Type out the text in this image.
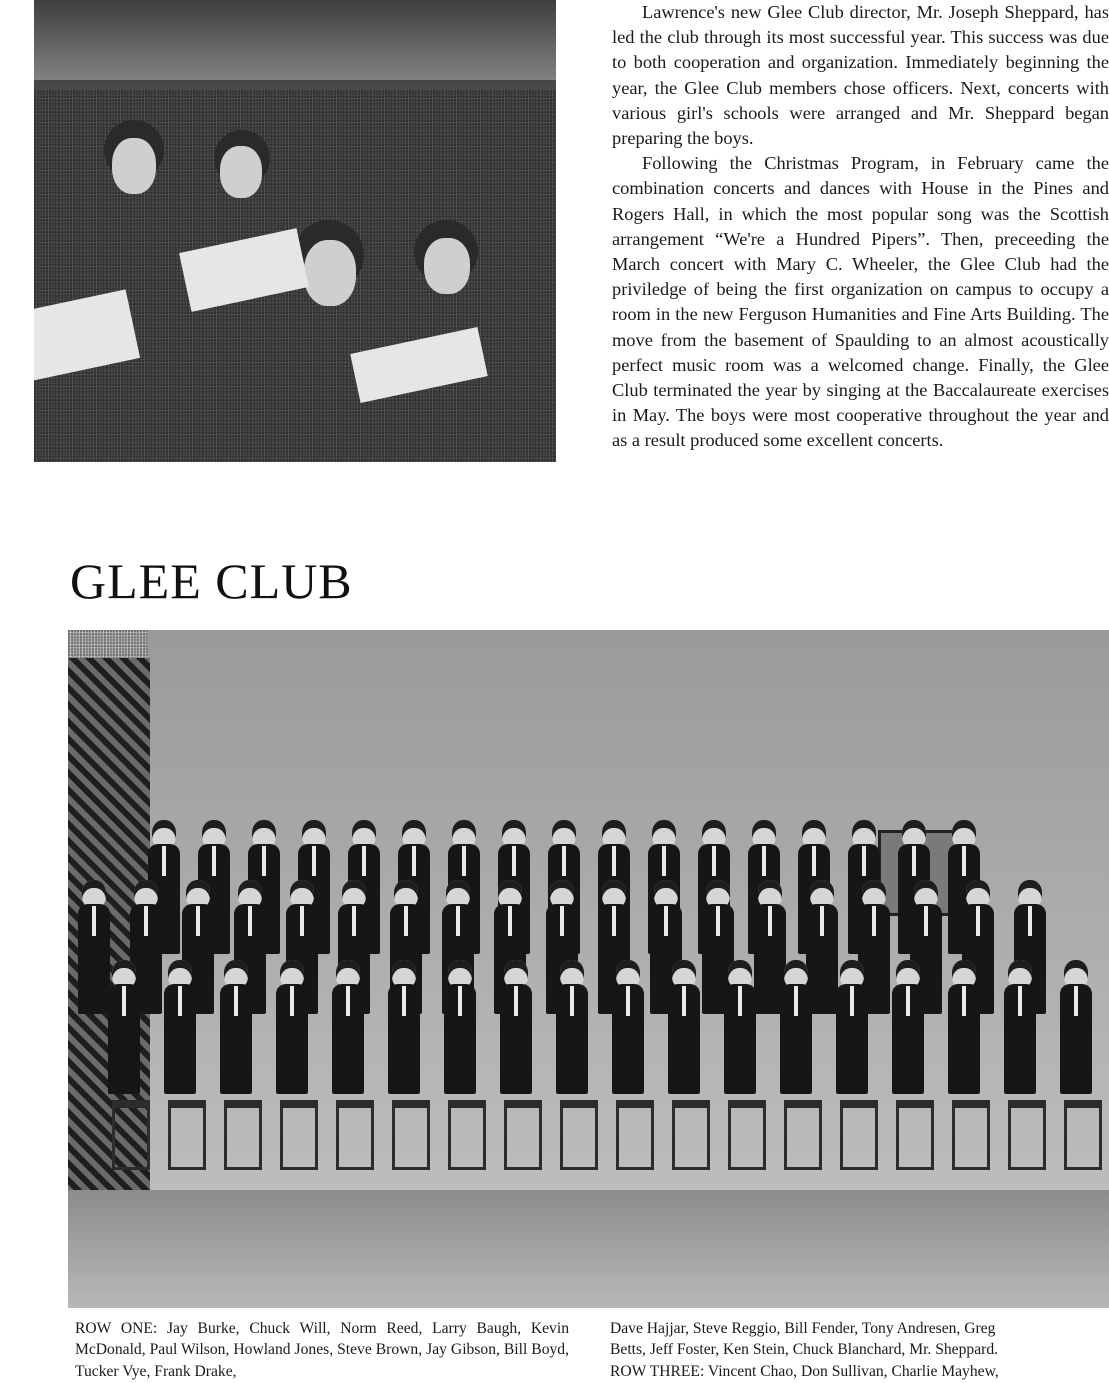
Lawrence's new Glee Club director, Mr. Joseph Sheppard, has led the club through its most successful year. This success was due to both cooperation and organization. Immediately beginning the year, the Glee Club members chose officers. Next, concerts with various girl's schools were arranged and Mr. Sheppard began preparing the boys.

Following the Christmas Program, in February came the combination concerts and dances with House in the Pines and Rogers Hall, in which the most popular song was the Scottish arrangement “We're a Hundred Pipers”. Then, preceeding the March concert with Mary C. Wheeler, the Glee Club had the priviledge of being the first organization on campus to occupy a room in the new Ferguson Humanities and Fine Arts Building. The move from the basement of Spaulding to an almost acoustically perfect music room was a welcomed change. Finally, the Glee Club terminated the year by singing at the Baccalaureate exercises in May. The boys were most cooperative throughout the year and as a result produced some excellent concerts.

GLEE CLUB

ROW ONE: Jay Burke, Chuck Will, Norm Reed, Larry Baugh, Kevin McDonald, Paul Wilson, Howland Jones, Steve Brown, Jay Gibson, Bill Boyd, Tucker Vye, Frank Drake,

Dave Hajjar, Steve Reggio, Bill Fender, Tony Andresen, Greg
Betts, Jeff Foster, Ken Stein, Chuck Blanchard, Mr. Sheppard.
ROW THREE: Vincent Chao, Don Sullivan, Charlie Mayhew,
